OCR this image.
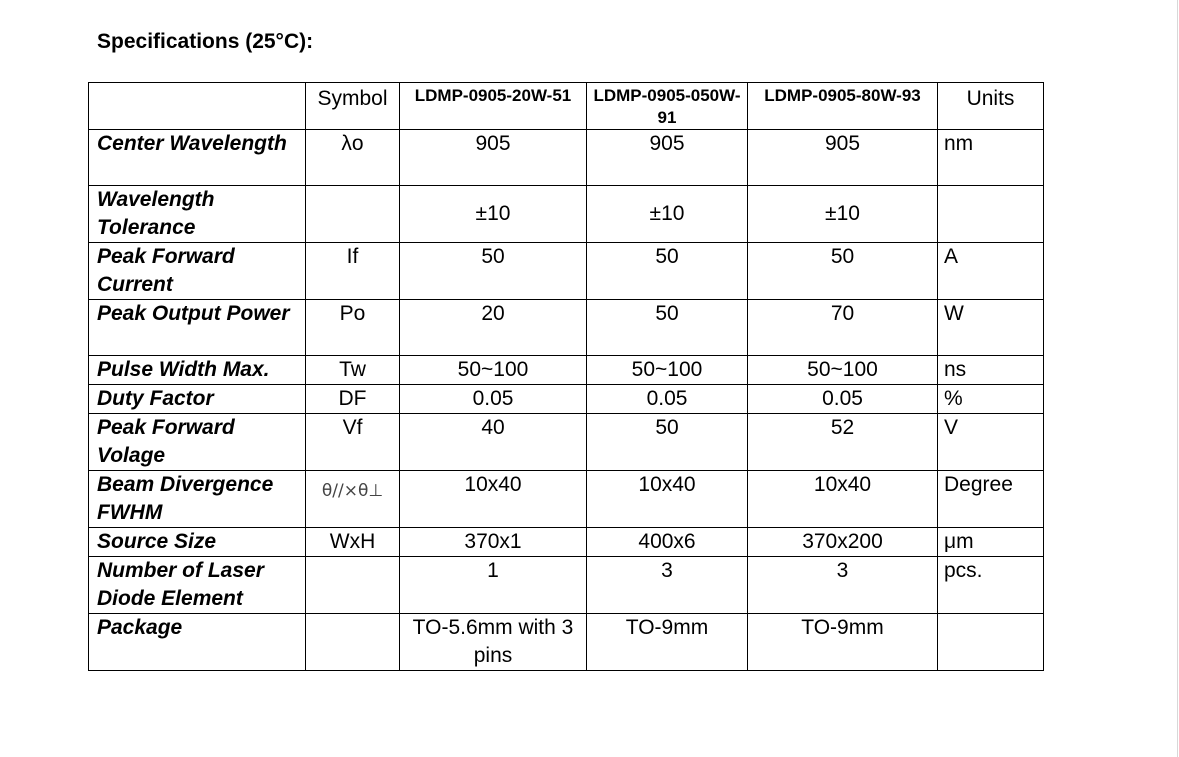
Specifications (25°C):
	Symbol	LDMP-0905-20W-51	LDMP-0905-050W-91	LDMP-0905-80W-93	Units
Center Wavelength	λo	905	905	905	nm
Wavelength Tolerance		±10	±10	±10	
Peak Forward Current	If	50	50	50	A
Peak Output Power	Po	20	50	70	W
Pulse Width Max.	Tw	50~100	50~100	50~100	ns
Duty Factor	DF	0.05	0.05	0.05	%
Peak Forward Volage	Vf	40	50	52	V
Beam Divergence FWHM	θ//×θ⊥	10x40	10x40	10x40	Degree
Source Size	WxH	370x1	400x6	370x200	μm
Number of Laser Diode Element		1	3	3	pcs.
Package		TO-5.6mm with 3 pins	TO-9mm	TO-9mm	
